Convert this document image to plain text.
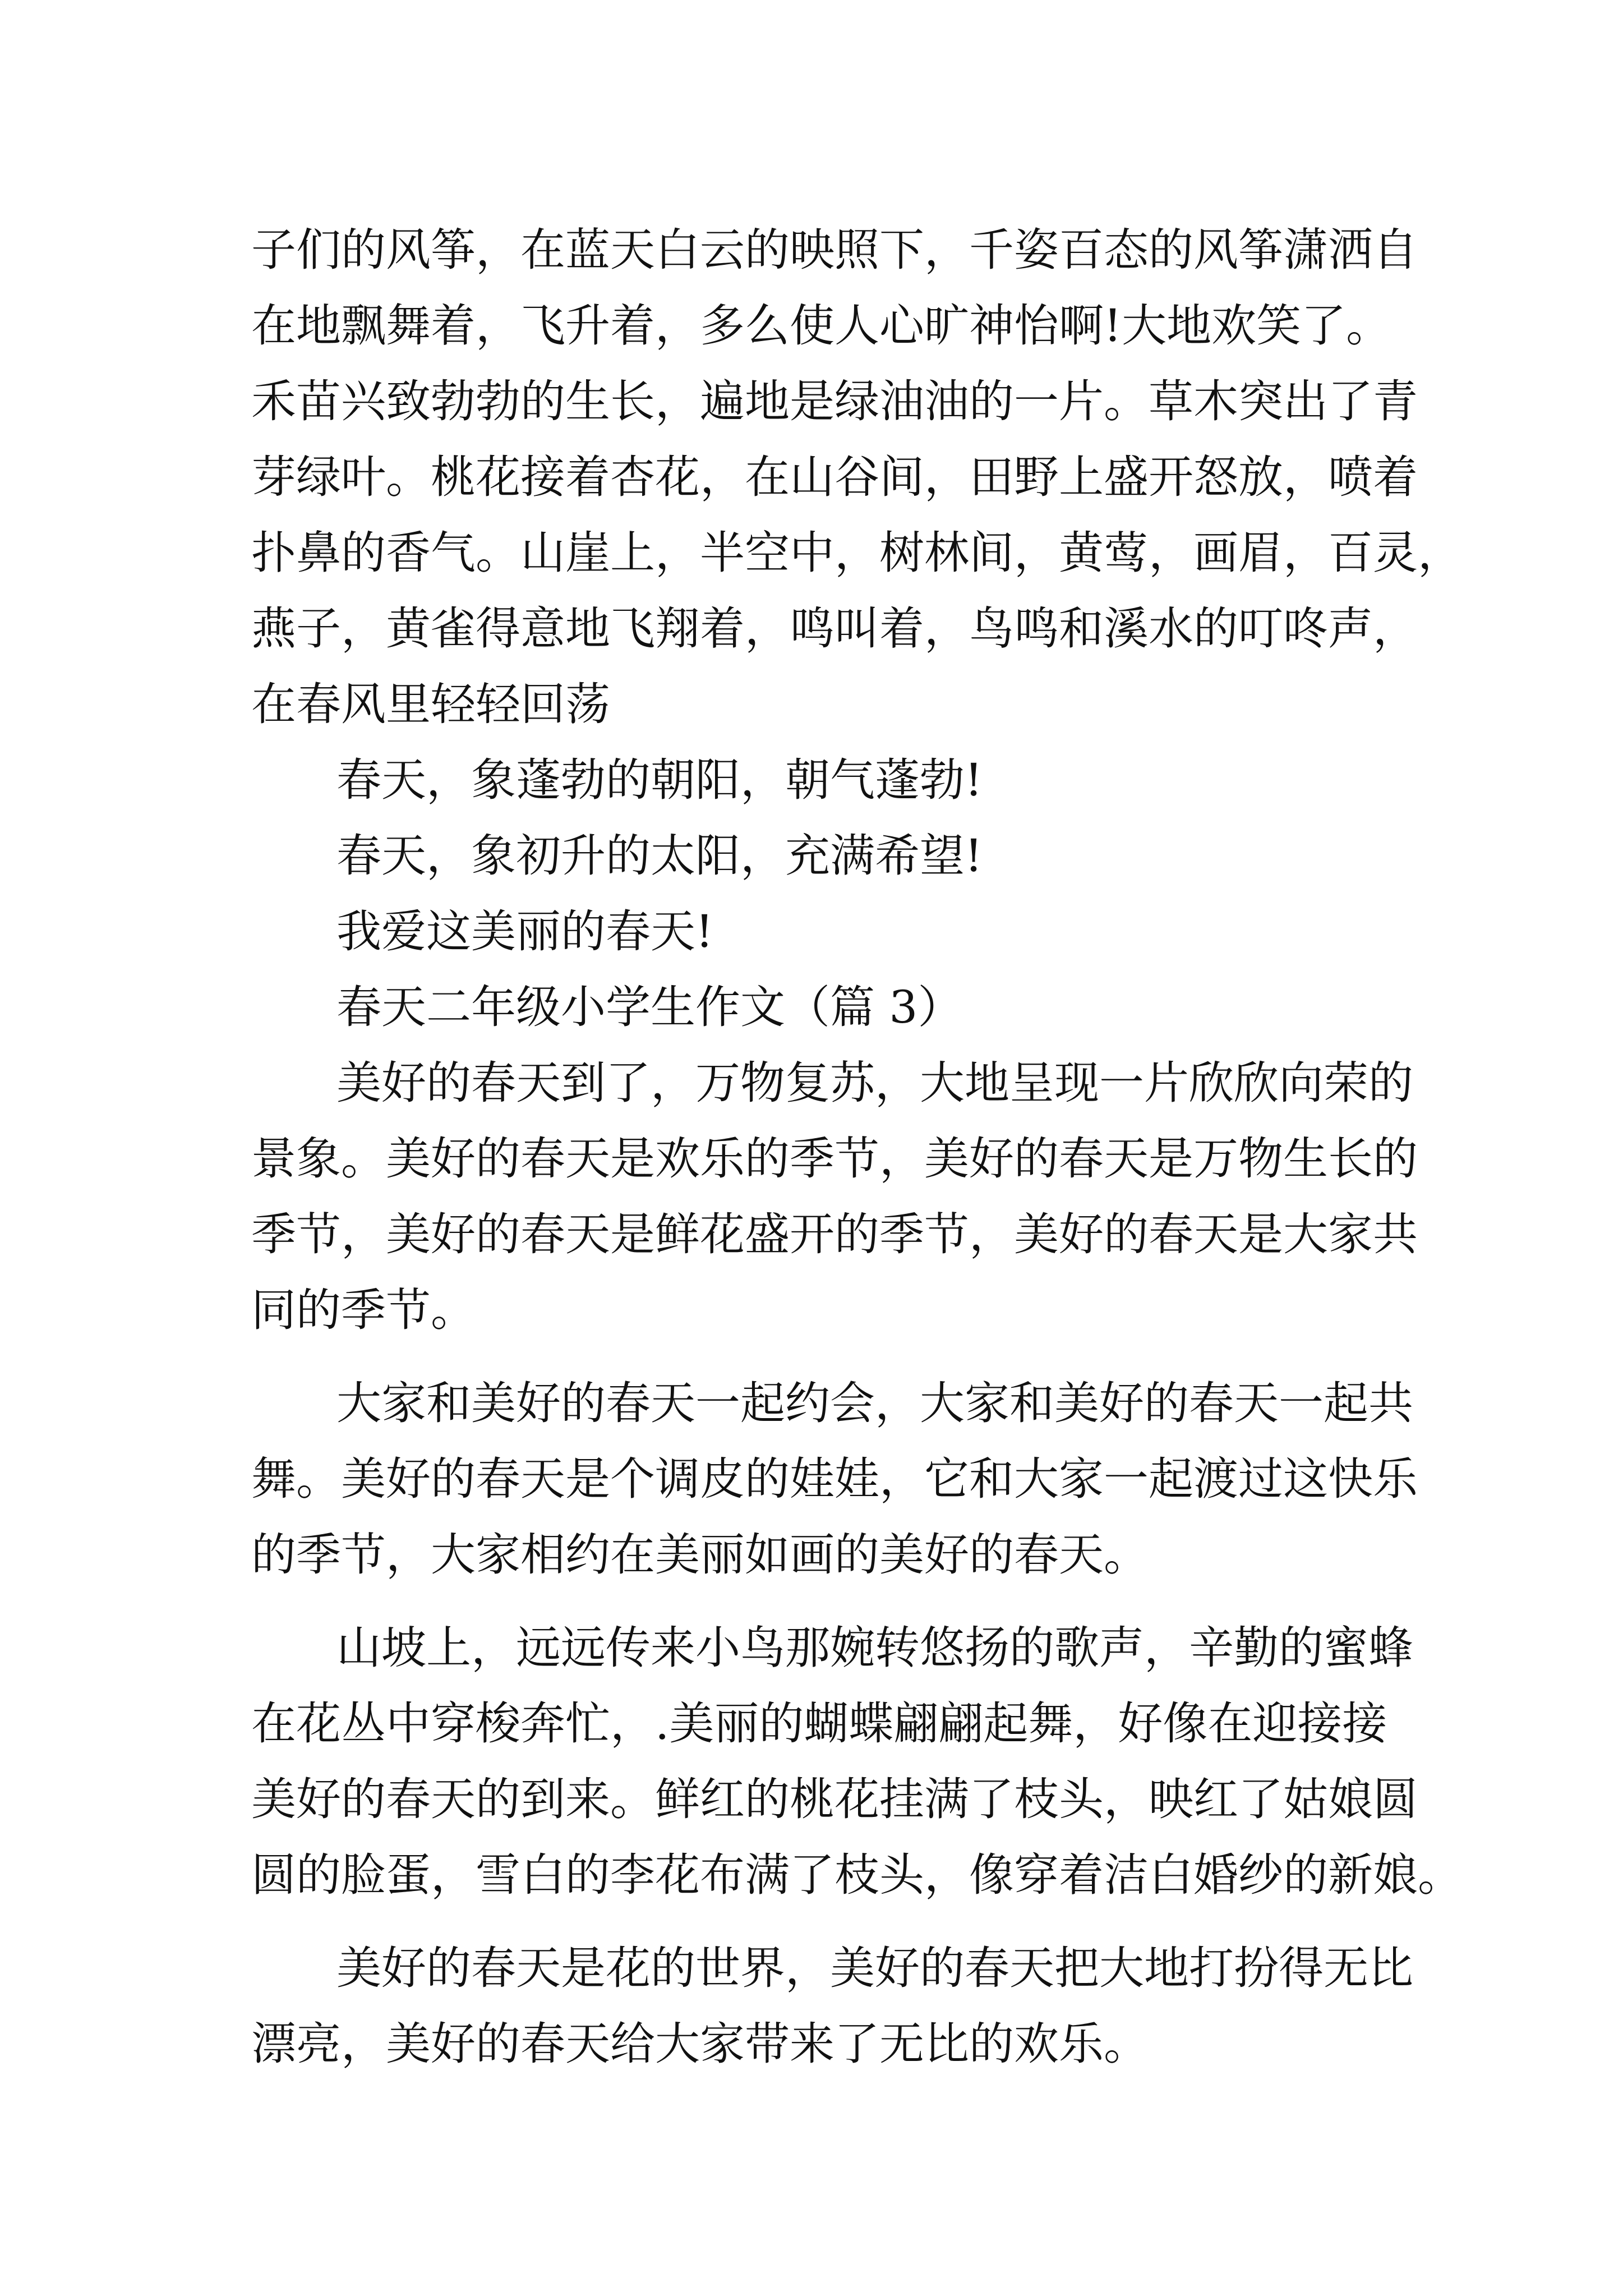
子们的风筝，在蓝天白云的映照下，千姿百态的风筝潇洒自
在地飘舞着，飞升着，多么使人心旷神怡啊!大地欢笑了。
禾苗兴致勃勃的生长，遍地是绿油油的一片。草木突出了青
芽绿叶。桃花接着杏花，在山谷间，田野上盛开怒放，喷着
扑鼻的香气。山崖上，半空中，树林间，黄莺，画眉，百灵，
燕子，黄雀得意地飞翔着，鸣叫着，鸟鸣和溪水的叮咚声，
在春风里轻轻回荡
春天，象蓬勃的朝阳，朝气蓬勃!
春天，象初升的太阳，充满希望!
我爱这美丽的春天!
春天二年级小学生作文（篇 3）
美好的春天到了，万物复苏，大地呈现一片欣欣向荣的
景象。美好的春天是欢乐的季节，美好的春天是万物生长的
季节，美好的春天是鲜花盛开的季节，美好的春天是大家共
同的季节。
大家和美好的春天一起约会，大家和美好的春天一起共
舞。美好的春天是个调皮的娃娃，它和大家一起渡过这快乐
的季节，大家相约在美丽如画的美好的春天。
山坡上，远远传来小鸟那婉转悠扬的歌声，辛勤的蜜蜂
在花丛中穿梭奔忙，.美丽的蝴蝶翩翩起舞，好像在迎接接
美好的春天的到来。鲜红的桃花挂满了枝头，映红了姑娘圆
圆的脸蛋，雪白的李花布满了枝头，像穿着洁白婚纱的新娘。
美好的春天是花的世界，美好的春天把大地打扮得无比
漂亮，美好的春天给大家带来了无比的欢乐。
